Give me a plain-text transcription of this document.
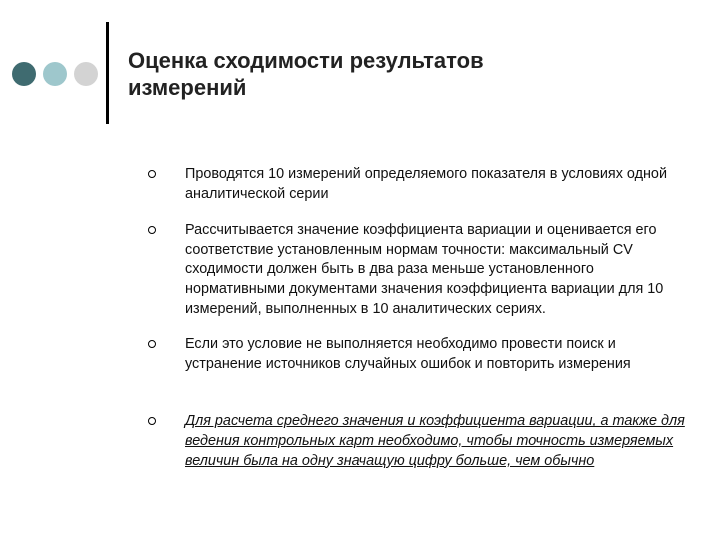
Оценка сходимости результатов
измерений
Проводятся 10 измерений определяемого показателя в условиях одной аналитической серии
Рассчитывается значение коэффициента вариации и оценивается его соответствие установленным нормам точности: максимальный CV сходимости должен быть в два раза меньше установленного нормативными документами значения коэффициента вариации для 10 измерений, выполненных в 10 аналитических сериях.
Если это условие не выполняется необходимо провести поиск и устранение источников случайных ошибок и повторить измерения
Для расчета среднего значения и коэффициента вариации, а также для ведения контрольных карт необходимо, чтобы точность измеряемых величин была на одну значащую цифру больше, чем обычно
